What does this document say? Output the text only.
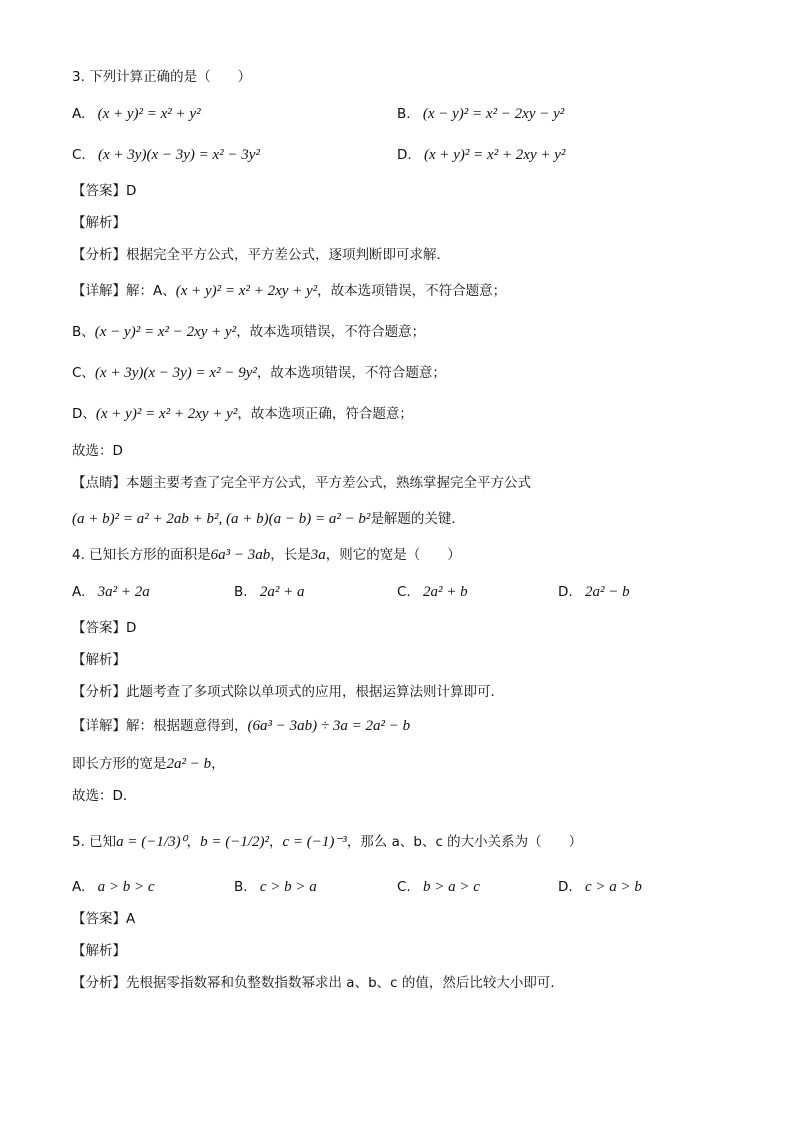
3. 下列计算正确的是（　　）
A. (x + y)² = x² + y²	B. (x − y)² = x² − 2xy − y²
C. (x + 3y)(x − 3y) = x² − 3y²	D. (x + y)² = x² + 2xy + y²
【答案】D
【解析】
【分析】根据完全平方公式，平方差公式，逐项判断即可求解．
【详解】解：A、(x + y)² = x² + 2xy + y²，故本选项错误，不符合题意；
B、(x − y)² = x² − 2xy + y²，故本选项错误，不符合题意；
C、(x + 3y)(x − 3y) = x² − 9y²，故本选项错误，不符合题意；
D、(x + y)² = x² + 2xy + y²，故本选项正确，符合题意；
故选：D
【点睛】本题主要考查了完全平方公式，平方差公式，熟练掌握完全平方公式
(a + b)² = a² + 2ab + b², (a + b)(a − b) = a² − b²是解题的关键．
4. 已知长方形的面积是6a³ − 3ab，长是3a，则它的宽是（　　）
A. 3a² + 2a	B. 2a² + a	C. 2a² + b	D. 2a² − b
【答案】D
【解析】
【分析】此题考查了多项式除以单项式的应用，根据运算法则计算即可．
【详解】解：根据题意得到，(6a³ − 3ab) ÷ 3a = 2a² − b
即长方形的宽是2a² − b，
故选：D．
5. 已知a = (−1/3)⁰，b = (−1/2)²，c = (−1)⁻³，那么 a、b、c 的大小关系为（　　）
A. a > b > c	B. c > b > a	C. b > a > c	D. c > a > b
【答案】A
【解析】
【分析】先根据零指数幂和负整数指数幂求出 a、b、c 的值，然后比较大小即可．
